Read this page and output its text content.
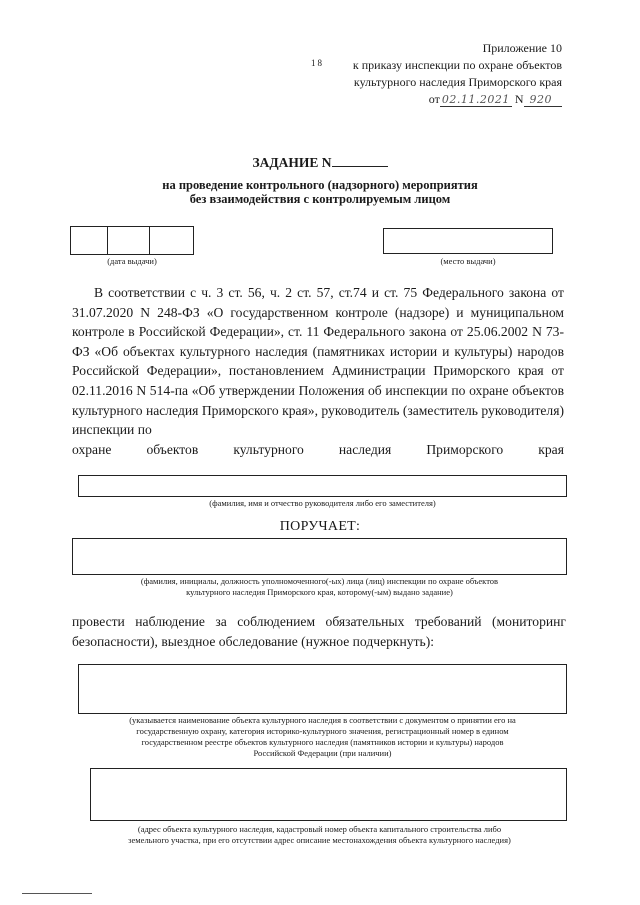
18
Приложение 10
к приказу инспекции по охране объектов
культурного наследия Приморского края
от 02.11.2021 N 920
ЗАДАНИЕ N
на проведение контрольного (надзорного) мероприятия
без взаимодействия с контролируемым лицом
(дата выдачи)	(место выдачи)

В соответствии с ч. 3 ст. 56, ч. 2 ст. 57, ст.74 и ст. 75 Федерального закона от 31.07.2020 N 248-ФЗ «О государственном контроле (надзоре) и муниципальном контроле в Российской Федерации», ст. 11 Федерального закона от 25.06.2002 N 73-ФЗ «Об объектах культурного наследия (памятниках истории и культуры) народов Российской Федерации», постановлением Администрации Приморского края от 02.11.2016 N 514-па «Об утверждении Положения об инспекции по охране объектов культурного наследия Приморского края», руководитель (заместитель руководителя) инспекции по

охране	объектов	культурного	наследия	Приморского	края
(фамилия, имя и отчество руководителя либо его заместителя)
ПОРУЧАЕТ:
(фамилия, инициалы, должность уполномоченного(-ых) лица (лиц) инспекции по охране объектов
культурного наследия Приморского края, которому(-ым) выдано задание)
провести наблюдение за соблюдением обязательных требований (мониторинг безопасности), выездное обследование (нужное подчеркнуть):
(указывается наименование объекта культурного наследия в соответствии с документом о принятии его на
государственную охрану, категория историко-культурного значения, регистрационный номер в едином
государственном реестре объектов культурного наследия (памятников истории и культуры) народов
Российской Федерации (при наличии)
(адрес объекта культурного наследия, кадастровый номер объекта капитального строительства либо
земельного участка, при его отсутствии адрес описание местонахождения объекта культурного наследия)
